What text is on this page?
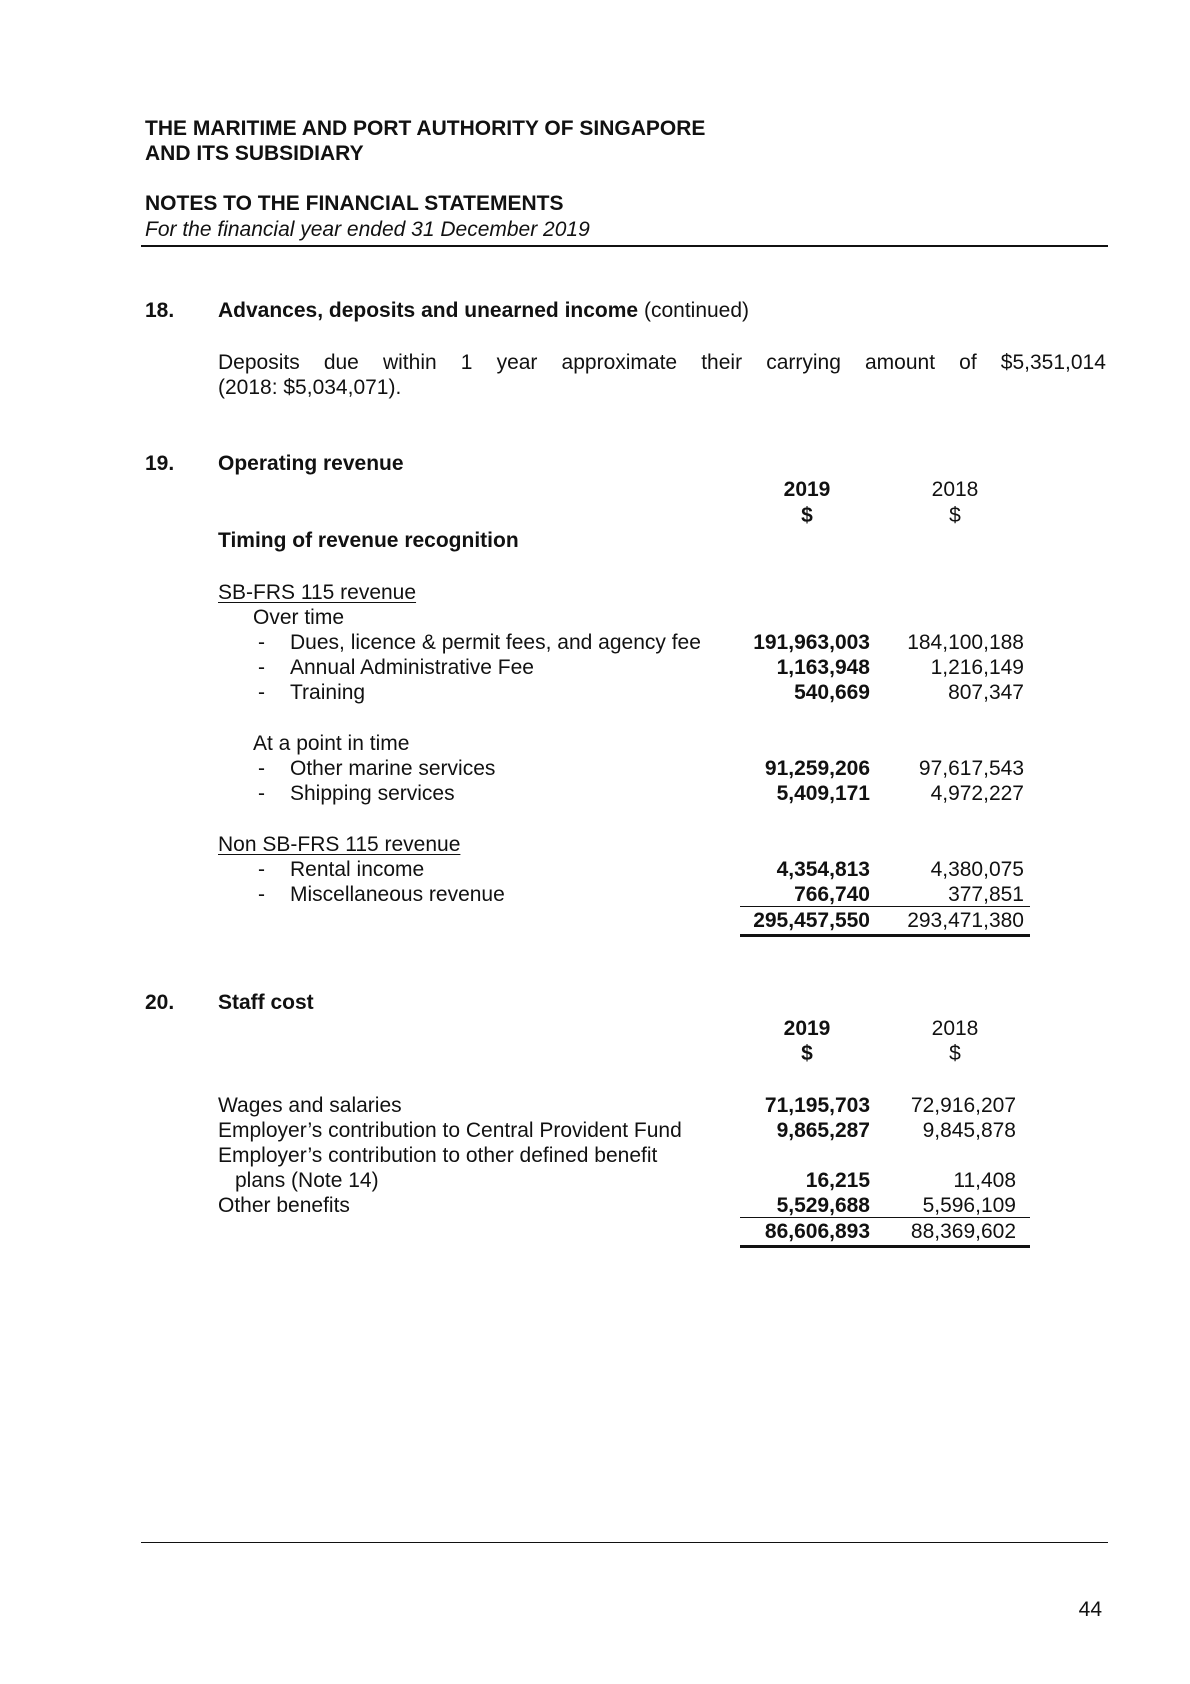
THE MARITIME AND PORT AUTHORITY OF SINGAPORE
AND ITS SUBSIDIARY
NOTES TO THE FINANCIAL STATEMENTS
For the financial year ended 31 December 2019
18. Advances, deposits and unearned income (continued)
Deposits due within 1 year approximate their carrying amount of $5,351,014
(2018: $5,034,071).
19. Operating revenue
2019	2018
$	$
Timing of revenue recognition
SB-FRS 115 revenue
Over time
- Dues, licence & permit fees, and agency fee 191,963,003 184,100,188
- Annual Administrative Fee	1,163,948	1,216,149
- Training	540,669	807,347
At a point in time
- Other marine services	91,259,206 97,617,543
- Shipping services	5,409,171	4,972,227
Non SB-FRS 115 revenue
- Rental income	4,354,813	4,380,075
- Miscellaneous revenue	766,740	377,851
295,457,550 293,471,380
20. Staff cost
2019	2018
$	$
Wages and salaries	71,195,703 72,916,207
Employer’s contribution to Central Provident Fund	9,865,287	9,845,878
Employer’s contribution to other defined benefit
plans (Note 14)	16,215	11,408
Other benefits	5,529,688	5,596,109
86,606,893 88,369,602
44
